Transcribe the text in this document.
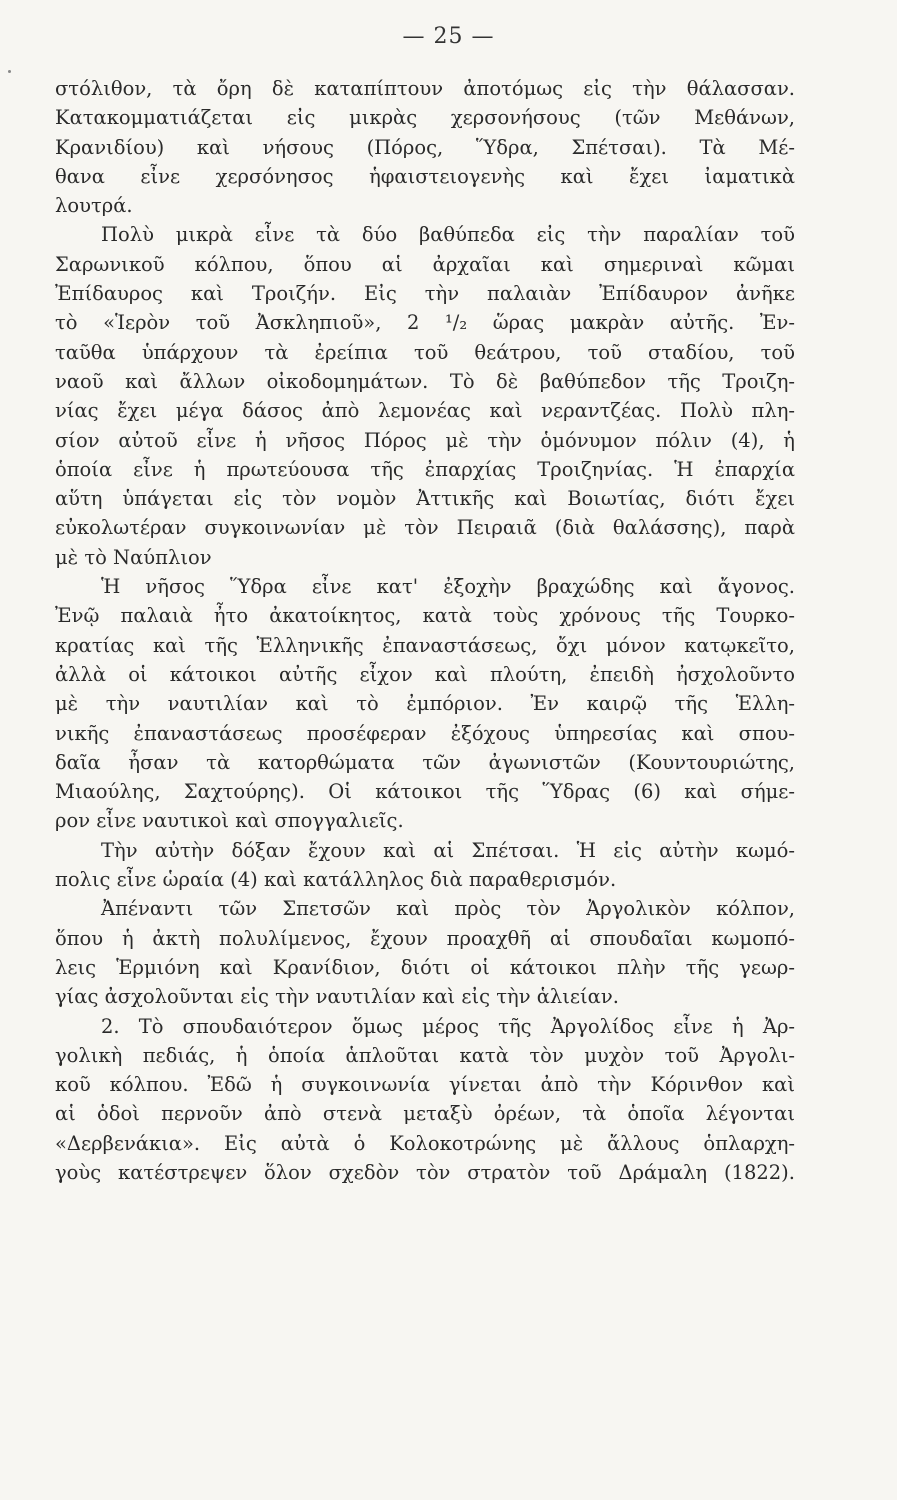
— 25 —
στόλιθον, τὰ ὄρη δὲ καταπίπτουν ἀποτόμως εἰς τὴν θάλασσαν.
Κατακομματιάζεται εἰς μικρὰς χερσονήσους (τῶν Μεθάνων,
Κρανιδίου) καὶ νήσους (Πόρος, Ὕδρα, Σπέτσαι). Τὰ Μέ-
θανα εἶνε χερσόνησος ἡφαιστειογενὴς καὶ ἔχει ἰαματικὰ
λουτρά.
Πολὺ μικρὰ εἶνε τὰ δύο βαθύπεδα εἰς τὴν παραλίαν τοῦ
Σαρωνικοῦ κόλπου, ὅπου αἱ ἀρχαῖαι καὶ σημεριναὶ κῶμαι
Ἐπίδαυρος καὶ Τροιζήν. Εἰς τὴν παλαιὰν Ἐπίδαυρον ἀνῆκε
τὸ «Ἱερὸν τοῦ Ἀσκληπιοῦ», 2 ¹/₂ ὥρας μακρὰν αὐτῆς. Ἐν-
ταῦθα ὑπάρχουν τὰ ἐρείπια τοῦ θεάτρου, τοῦ σταδίου, τοῦ
ναοῦ καὶ ἄλλων οἰκοδομημάτων. Τὸ δὲ βαθύπεδον τῆς Τροιζη-
νίας ἔχει μέγα δάσος ἀπὸ λεμονέας καὶ νεραντζέας. Πολὺ πλη-
σίον αὐτοῦ εἶνε ἡ νῆσος Πόρος μὲ τὴν ὁμόνυμον πόλιν (4), ἡ
ὁποία εἶνε ἡ πρωτεύουσα τῆς ἐπαρχίας Τροιζηνίας. Ἡ ἐπαρχία
αὕτη ὑπάγεται εἰς τὸν νομὸν Ἀττικῆς καὶ Βοιωτίας, διότι ἔχει
εὐκολωτέραν συγκοινωνίαν μὲ τὸν Πειραιᾶ (διὰ θαλάσσης), παρὰ
μὲ τὸ Ναύπλιον
Ἡ νῆσος Ὕδρα εἶνε κατ' ἐξοχὴν βραχώδης καὶ ἄγονος.
Ἐνῷ παλαιὰ ἦτο ἀκατοίκητος, κατὰ τοὺς χρόνους τῆς Τουρκο-
κρατίας καὶ τῆς Ἑλληνικῆς ἐπαναστάσεως, ὄχι μόνον κατῳκεῖτο,
ἀλλὰ οἱ κάτοικοι αὐτῆς εἶχον καὶ πλούτη, ἐπειδὴ ἠσχολοῦντο
μὲ τὴν ναυτιλίαν καὶ τὸ ἐμπόριον. Ἐν καιρῷ τῆς Ἑλλη-
νικῆς ἐπαναστάσεως προσέφεραν ἐξόχους ὑπηρεσίας καὶ σπου-
δαῖα ἦσαν τὰ κατορθώματα τῶν ἀγωνιστῶν (Κουντουριώτης,
Μιαούλης, Σαχτούρης). Οἱ κάτοικοι τῆς Ὕδρας (6) καὶ σήμε-
ρον εἶνε ναυτικοὶ καὶ σπογγαλιεῖς.
Τὴν αὐτὴν δόξαν ἔχουν καὶ αἱ Σπέτσαι. Ἡ εἰς αὐτὴν κωμό-
πολις εἶνε ὡραία (4) καὶ κατάλληλος διὰ παραθερισμόν.
Ἀπέναντι τῶν Σπετσῶν καὶ πρὸς τὸν Ἀργολικὸν κόλπον,
ὅπου ἡ ἀκτὴ πολυλίμενος, ἔχουν προαχθῆ αἱ σπουδαῖαι κωμοπό-
λεις Ἑρμιόνη καὶ Κρανίδιον, διότι οἱ κάτοικοι πλὴν τῆς γεωρ-
γίας ἀσχολοῦνται εἰς τὴν ναυτιλίαν καὶ εἰς τὴν ἁλιείαν.
2. Τὸ σπουδαιότερον ὅμως μέρος τῆς Ἀργολίδος εἶνε ἡ Ἀρ-
γολικὴ πεδιάς, ἡ ὁποία ἁπλοῦται κατὰ τὸν μυχὸν τοῦ Ἀργολι-
κοῦ κόλπου. Ἐδῶ ἡ συγκοινωνία γίνεται ἀπὸ τὴν Κόρινθον καὶ
αἱ ὁδοὶ περνοῦν ἀπὸ στενὰ μεταξὺ ὀρέων, τὰ ὁποῖα λέγονται
«Δερβενάκια». Εἰς αὐτὰ ὁ Κολοκοτρώνης μὲ ἄλλους ὁπλαρχη-
γοὺς κατέστρεψεν ὅλον σχεδὸν τὸν στρατὸν τοῦ Δράμαλη (1822).
